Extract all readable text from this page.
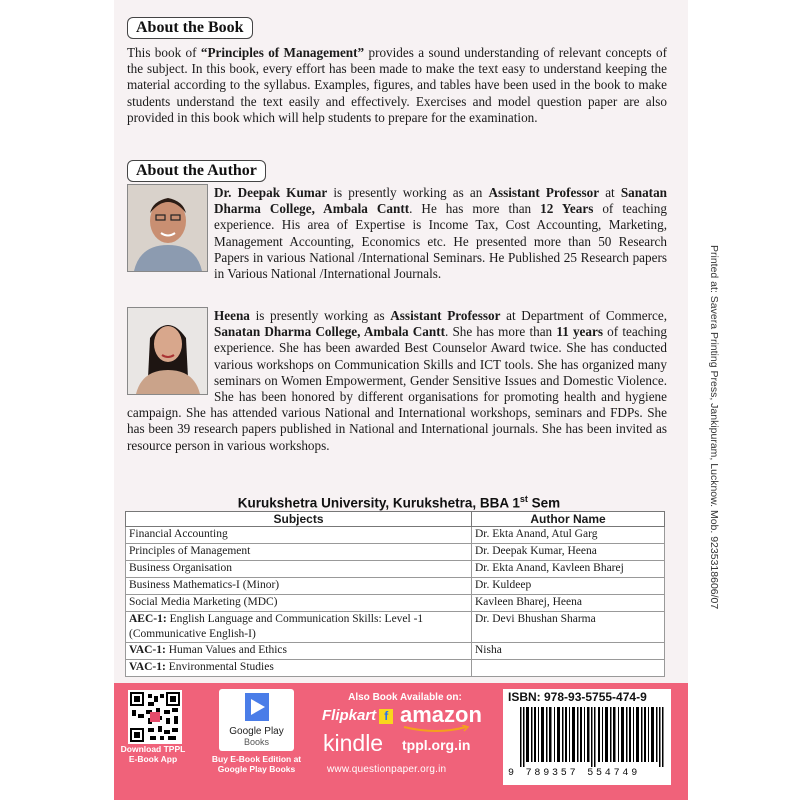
About the Book
This book of “Principles of Management” provides a sound understanding of relevant concepts of the subject. In this book, every effort has been made to make the text easy to understand keeping the material according to the syllabus. Examples, figures, and tables have been used in the book to make students understand the text easily and effectively. Exercises and model question paper are also provided in this book which will help students to prepare for the examination.
About the Author
Dr. Deepak Kumar is presently working as an Assistant Professor at Sanatan Dharma College, Ambala Cantt. He has more than 12 Years of teaching experience. His area of Expertise is Income Tax, Cost Accounting, Marketing, Management Accounting, Economics etc. He presented more than 50 Research Papers in various National /International Seminars. He Published 25 Research papers in Various National /International Journals.
Heena is presently working as Assistant Professor at Department of Commerce, Sanatan Dharma College, Ambala Cantt. She has more than 11 years of teaching experience. She has been awarded Best Counselor Award twice. She has conducted various workshops on Communication Skills and ICT tools. She has organized many seminars on Women Empowerment, Gender Sensitive Issues and Domestic Violence. She has been honored by different organisations for promoting health and hygiene campaign. She has attended various National and International workshops, seminars and FDPs. She has been 39 research papers published in National and International journals. She has been invited as resource person in various workshops.	Printed at: Savera Printing Press, Jankipuram, Lucknow. Mob. 9235318606/07
Kurukshetra University, Kurukshetra, BBA 1st Sem
Subjects	Author Name
Financial Accounting	Dr. Ekta Anand, Atul Garg
Principles of Management	Dr. Deepak Kumar, Heena
Business Organisation	Dr. Ekta Anand, Kavleen Bharej
Business Mathematics-I (Minor)	Dr. Kuldeep
Social Media Marketing (MDC)	Kavleen Bharej, Heena
AEC-1: English Language and Communication Skills: Level -1 (Communicative English-I)	Dr. Devi Bhushan Sharma
VAC-1: Human Values and Ethics	Nisha
VAC-1: Environmental Studies	
Download TPPL E-Book App
Google Play
Books
Buy E-Book Edition at Google Play Books
Also Book Available on:
Flipkart f amazon
kindle tppl.org.in
www.questionpaper.org.in
ISBN: 978-93-5755-474-9
9 789357 554749
